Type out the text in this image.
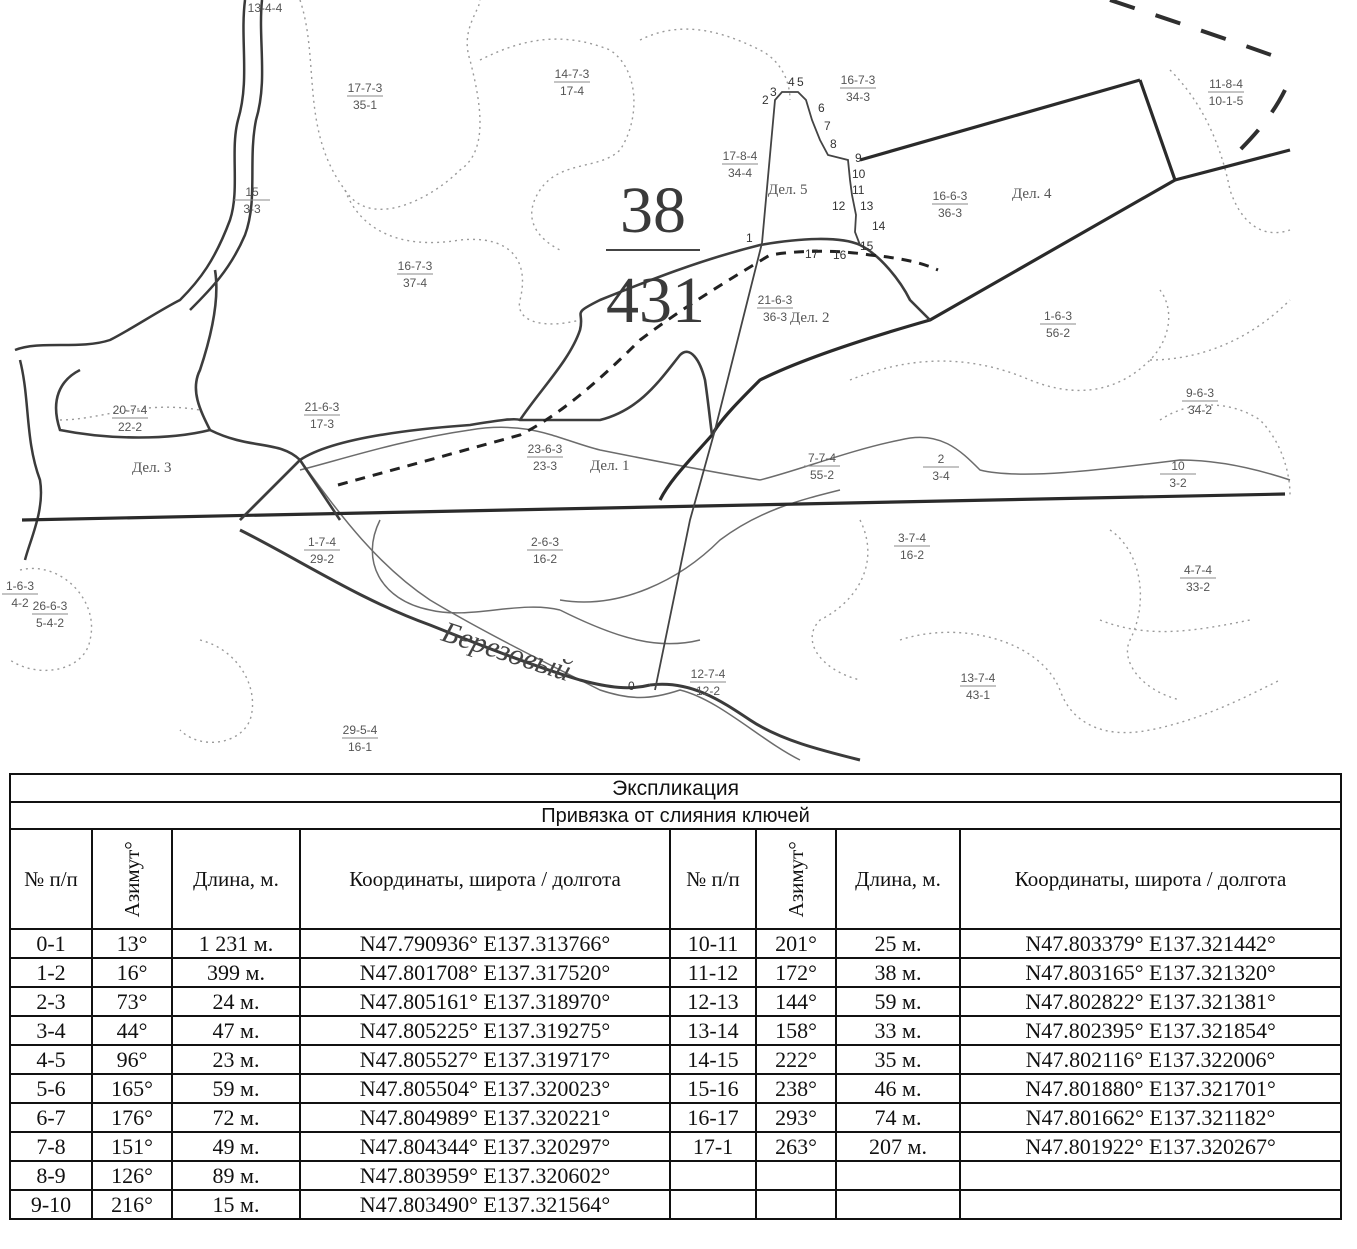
38
431
Дел. 1
Дел. 2
Дел. 3
Дел. 4
Дел. 5
Березовый
17-7-3
35-1
14-7-3
17-4
16-7-3
34-3
11-8-4
10-1-5
17-8-4
34-4
16-6-3
36-3
15
3-3
16-7-3
37-4
21-6-3
36-3	1-6-3
56-2
20-7-4
22-2
21-6-3
17-3
23-6-3
23-3
7-7-4
55-2
9-6-3
34-2
2
3-4
10
3-2
1-7-4
29-2
2-6-3
16-2
3-7-4
16-2
4-7-4
33-2
12-7-4
12-2
13-7-4
43-1
29-5-4
16-1
1-6-3
4-2 26-6-3
5-4-2
13-4-4
1
2
3
4 5
6
7
8
9
10
11
12 13
14
15
16
17
0
Экспликация							
Привязка от слияния ключей							
№ п/п	Азимут°	Длина, м.	Координаты, широта / долгота	№ п/п	Азимут°	Длина, м.	Координаты, широта / долгота
0-1	13°	1 231 м.	N47.790936° E137.313766°	10-11	201°	25 м.	N47.803379° E137.321442°
1-2	16°	399 м.	N47.801708° E137.317520°	11-12	172°	38 м.	N47.803165° E137.321320°
2-3	73°	24 м.	N47.805161° E137.318970°	12-13	144°	59 м.	N47.802822° E137.321381°
3-4	44°	47 м.	N47.805225° E137.319275°	13-14	158°	33 м.	N47.802395° E137.321854°
4-5	96°	23 м.	N47.805527° E137.319717°	14-15	222°	35 м.	N47.802116° E137.322006°
5-6	165°	59 м.	N47.805504° E137.320023°	15-16	238°	46 м.	N47.801880° E137.321701°
6-7	176°	72 м.	N47.804989° E137.320221°	16-17	293°	74 м.	N47.801662° E137.321182°
7-8	151°	49 м.	N47.804344° E137.320297°	17-1	263°	207 м.	N47.801922° E137.320267°
8-9	126°	89 м.	N47.803959° E137.320602°				
9-10	216°	15 м.	N47.803490° E137.321564°				
